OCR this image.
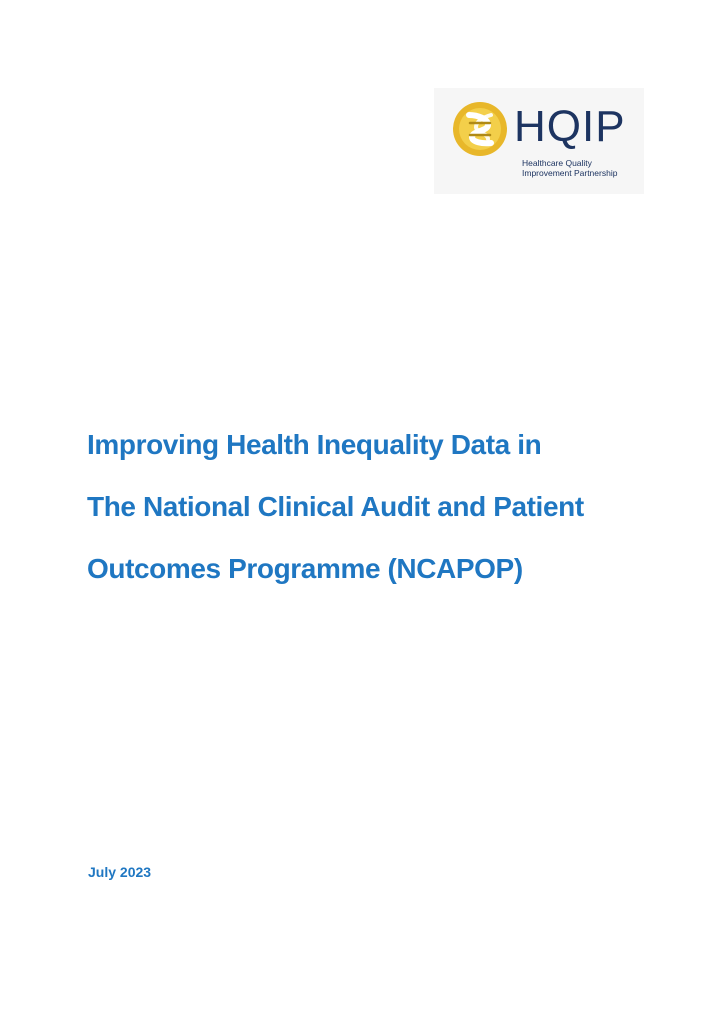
HQIP
Healthcare Quality
Improvement Partnership
Improving Health Inequality Data in
The National Clinical Audit and Patient
Outcomes Programme (NCAPOP)
July 2023
